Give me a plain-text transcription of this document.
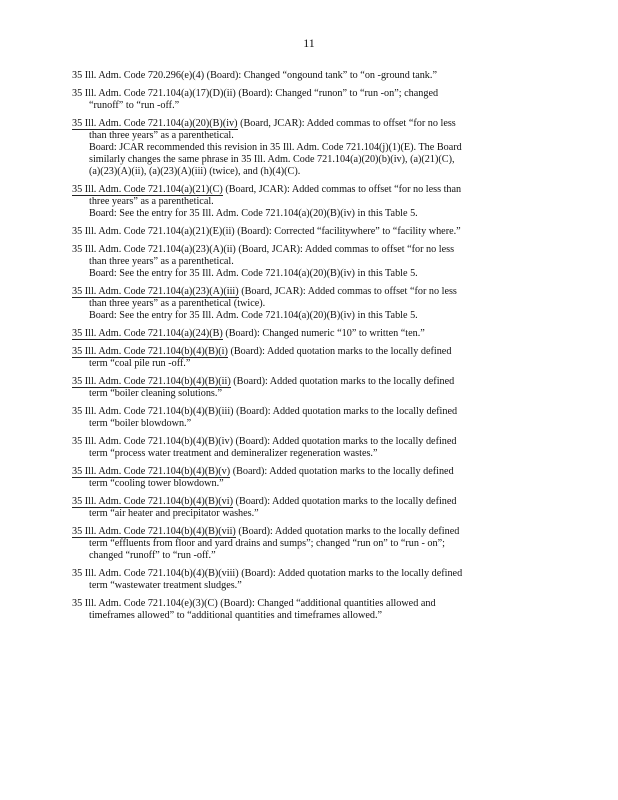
11
35 Ill. Adm. Code 720.296(e)(4) (Board): Changed “ongound tank” to “on -ground tank.”
35 Ill. Adm. Code 721.104(a)(17)(D)(ii) (Board): Changed “runon” to “run -on”; changed
“runoff” to “run -off.”
35 Ill. Adm. Code 721.104(a)(20)(B)(iv) (Board, JCAR): Added commas to offset “for no less
than three years” as a parenthetical.
Board: JCAR recommended this revision in 35 Ill. Adm. Code 721.104(j)(1)(E). The Board
similarly changes the same phrase in 35 Ill. Adm. Code 721.104(a)(20)(b)(iv), (a)(21)(C),
(a)(23)(A)(ii), (a)(23)(A)(iii) (twice), and (h)(4)(C).
35 Ill. Adm. Code 721.104(a)(21)(C) (Board, JCAR): Added commas to offset “for no less than
three years” as a parenthetical.
Board: See the entry for 35 Ill. Adm. Code 721.104(a)(20)(B)(iv) in this Table 5.
35 Ill. Adm. Code 721.104(a)(21)(E)(ii) (Board): Corrected “facilitywhere” to “facility where.”
35 Ill. Adm. Code 721.104(a)(23)(A)(ii) (Board, JCAR): Added commas to offset “for no less
than three years” as a parenthetical.
Board: See the entry for 35 Ill. Adm. Code 721.104(a)(20)(B)(iv) in this Table 5.
35 Ill. Adm. Code 721.104(a)(23)(A)(iii) (Board, JCAR): Added commas to offset “for no less
than three years” as a parenthetical (twice).
Board: See the entry for 35 Ill. Adm. Code 721.104(a)(20)(B)(iv) in this Table 5.
35 Ill. Adm. Code 721.104(a)(24)(B) (Board): Changed numeric “10” to written “ten.”
35 Ill. Adm. Code 721.104(b)(4)(B)(i) (Board): Added quotation marks to the locally defined
term “coal pile run -off.”
35 Ill. Adm. Code 721.104(b)(4)(B)(ii) (Board): Added quotation marks to the locally defined
term “boiler cleaning solutions.”
35 Ill. Adm. Code 721.104(b)(4)(B)(iii) (Board): Added quotation marks to the locally defined
term “boiler blowdown.”
35 Ill. Adm. Code 721.104(b)(4)(B)(iv) (Board): Added quotation marks to the locally defined
term “process water treatment and demineralizer regeneration wastes.”
35 Ill. Adm. Code 721.104(b)(4)(B)(v) (Board): Added quotation marks to the locally defined
term “cooling tower blowdown.”
35 Ill. Adm. Code 721.104(b)(4)(B)(vi) (Board): Added quotation marks to the locally defined
term “air heater and precipitator washes.”
35 Ill. Adm. Code 721.104(b)(4)(B)(vii) (Board): Added quotation marks to the locally defined
term “effluents from floor and yard drains and sumps”; changed “run on” to “run - on”;
changed “runoff” to “run -off.”
35 Ill. Adm. Code 721.104(b)(4)(B)(viii) (Board): Added quotation marks to the locally defined
term “wastewater treatment sludges.”
35 Ill. Adm. Code 721.104(e)(3)(C) (Board): Changed “additional quantities allowed and
timeframes allowed” to “additional quantities and timeframes allowed.”
